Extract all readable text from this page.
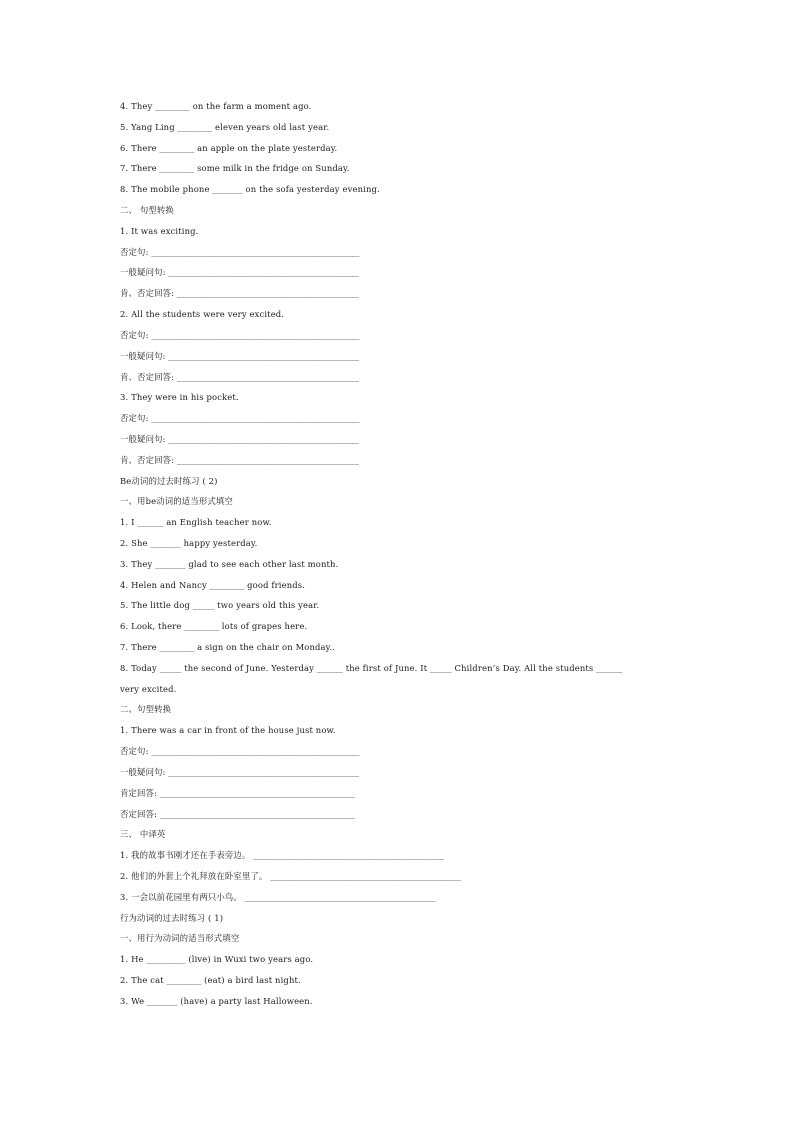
4. They ________ on the farm a moment ago.
5. Yang Ling ________ eleven years old last year.
6. There ________ an apple on the plate yesterday.
7. There ________ some milk in the fridge on Sunday.
8. The mobile phone _______ on the sofa yesterday evening.
二、 句型转换
1. It was exciting.
否定句: ________________________________________________
一般疑问句: ____________________________________________
肯、否定回答: __________________________________________
2. All the students were very excited.
否定句: ________________________________________________
一般疑问句: ____________________________________________
肯、否定回答: __________________________________________
3. They were in his pocket.
否定句: ________________________________________________
一般疑问句: ____________________________________________
肯、否定回答: __________________________________________
Be动词的过去时练习 ( 2)
一、用be动词的适当形式填空
1. I ______ an English teacher now.
2. She _______ happy yesterday.
3. They _______ glad to see each other last month.
4. Helen and Nancy ________ good friends.
5. The little dog _____ two years old this year.
6. Look, there ________ lots of grapes here.
7. There ________ a sign on the chair on Monday..
8. Today _____ the second of June. Yesterday ______ the first of June. It _____ Children’s Day. All the students ______
very excited.
二、句型转换
1. There was a car in front of the house just now.
否定句: ________________________________________________
一般疑问句: ____________________________________________
肯定回答: _____________________________________________
否定回答: _____________________________________________
三、 中译英
1. 我的故事书刚才还在手表旁边。 ____________________________________________
2. 他们的外套上个礼拜放在卧室里了。 ____________________________________________
3. 一会以前花园里有两只小鸟。 ____________________________________________
行为动词的过去时练习 ( 1)
一、用行为动词的适当形式填空
1. He _________ (live) in Wuxi two years ago.
2. The cat ________ (eat) a bird last night.
3. We _______ (have) a party last Halloween.
